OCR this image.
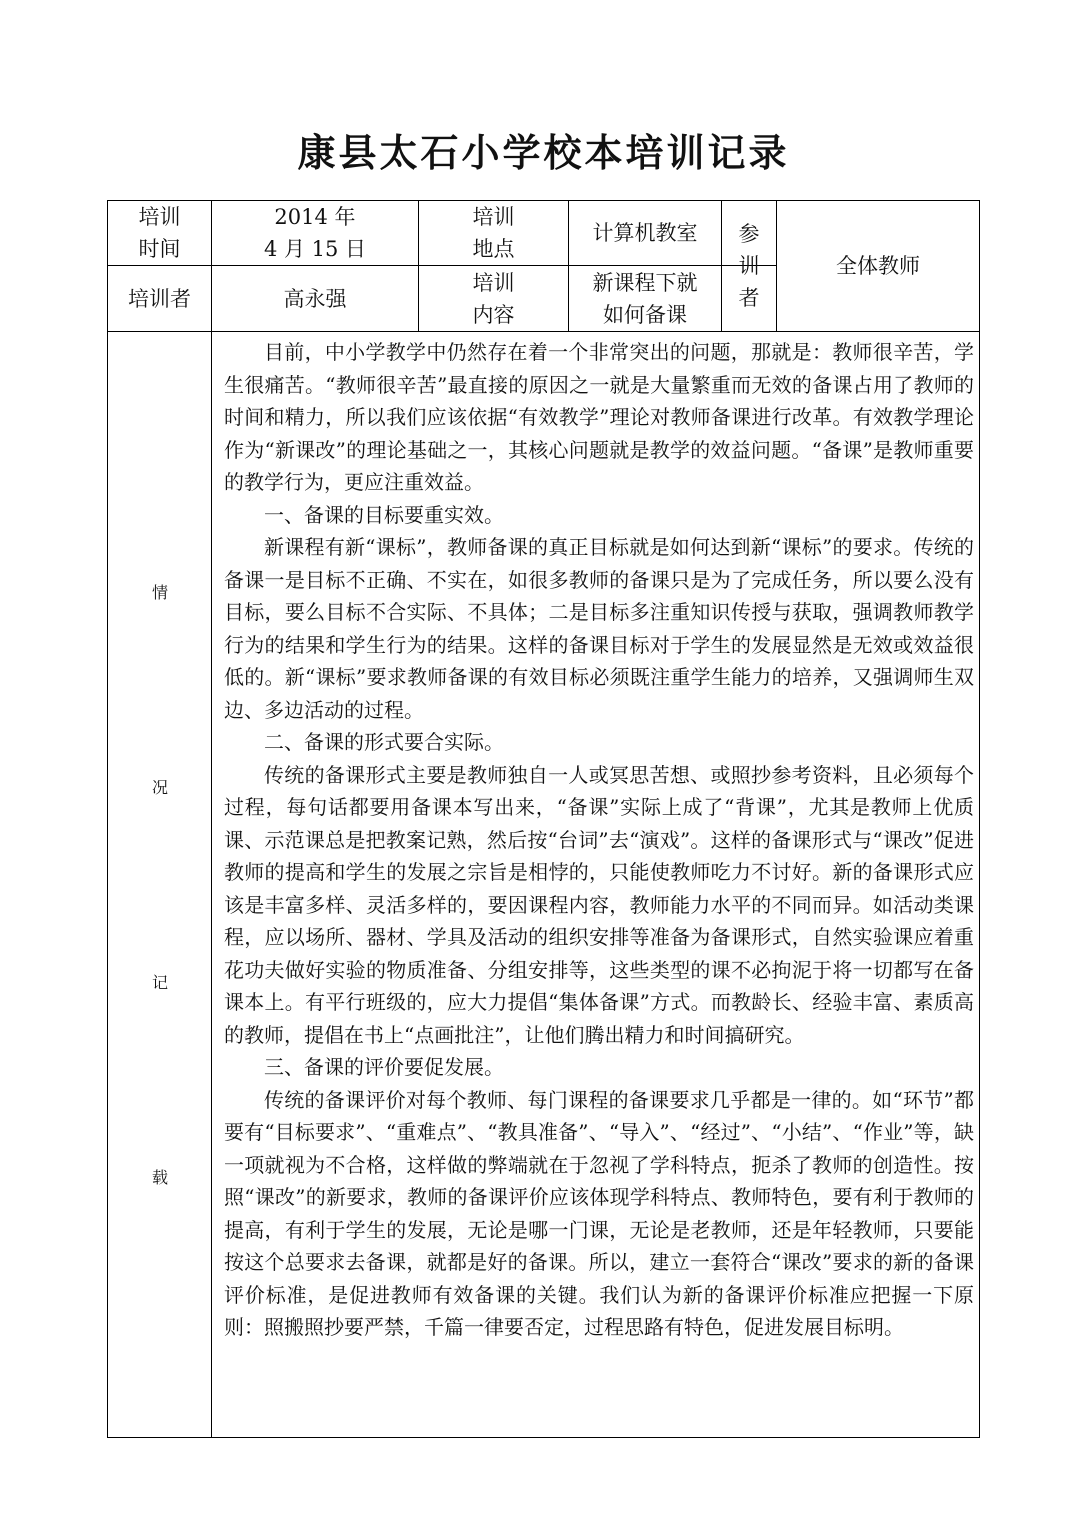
康县太石小学校本培训记录
培训
时间
2014 年
4 月 15 日
培训
地点
计算机教室 参
训
者
全体教师
培训者	高永强
培训
内容
新课程下就
如何备课
情
况
记
载

目前，中小学教学中仍然存在着一个非常突出的问题，那就是：教师很辛苦，学生很痛苦。“教师很辛苦”最直接的原因之一就是大量繁重而无效的备课占用了教师的时间和精力，所以我们应该依据“有效教学”理论对教师备课进行改革。有效教学理论作为“新课改”的理论基础之一，其核心问题就是教学的效益问题。“备课”是教师重要的教学行为，更应注重效益。

一、备课的目标要重实效。

新课程有新“课标”，教师备课的真正目标就是如何达到新“课标”的要求。传统的备课一是目标不正确、不实在，如很多教师的备课只是为了完成任务，所以要么没有目标，要么目标不合实际、不具体；二是目标多注重知识传授与获取，强调教师教学行为的结果和学生行为的结果。这样的备课目标对于学生的发展显然是无效或效益很低的。新“课标”要求教师备课的有效目标必须既注重学生能力的培养，又强调师生双边、多边活动的过程。

二、备课的形式要合实际。

传统的备课形式主要是教师独自一人或冥思苦想、或照抄参考资料，且必须每个过程，每句话都要用备课本写出来，“备课”实际上成了“背课”，尤其是教师上优质课、示范课总是把教案记熟，然后按“台词”去“演戏”。这样的备课形式与“课改”促进教师的提高和学生的发展之宗旨是相悖的，只能使教师吃力不讨好。新的备课形式应该是丰富多样、灵活多样的，要因课程内容，教师能力水平的不同而异。如活动类课程，应以场所、器材、学具及活动的组织安排等准备为备课形式，自然实验课应着重花功夫做好实验的物质准备、分组安排等，这些类型的课不必拘泥于将一切都写在备课本上。有平行班级的，应大力提倡“集体备课”方式。而教龄长、经验丰富、素质高的教师，提倡在书上“点画批注”，让他们腾出精力和时间搞研究。

三、备课的评价要促发展。

传统的备课评价对每个教师、每门课程的备课要求几乎都是一律的。如“环节”都要有“目标要求”、“重难点”、“教具准备”、“导入”、“经过”、“小结”、“作业”等，缺一项就视为不合格，这样做的弊端就在于忽视了学科特点，扼杀了教师的创造性。按照“课改”的新要求，教师的备课评价应该体现学科特点、教师特色，要有利于教师的提高，有利于学生的发展，无论是哪一门课，无论是老教师，还是年轻教师，只要能按这个总要求去备课，就都是好的备课。所以，建立一套符合“课改”要求的新的备课评价标准，是促进教师有效备课的关键。我们认为新的备课评价标准应把握一下原则：照搬照抄要严禁，千篇一律要否定，过程思路有特色，促进发展目标明。
